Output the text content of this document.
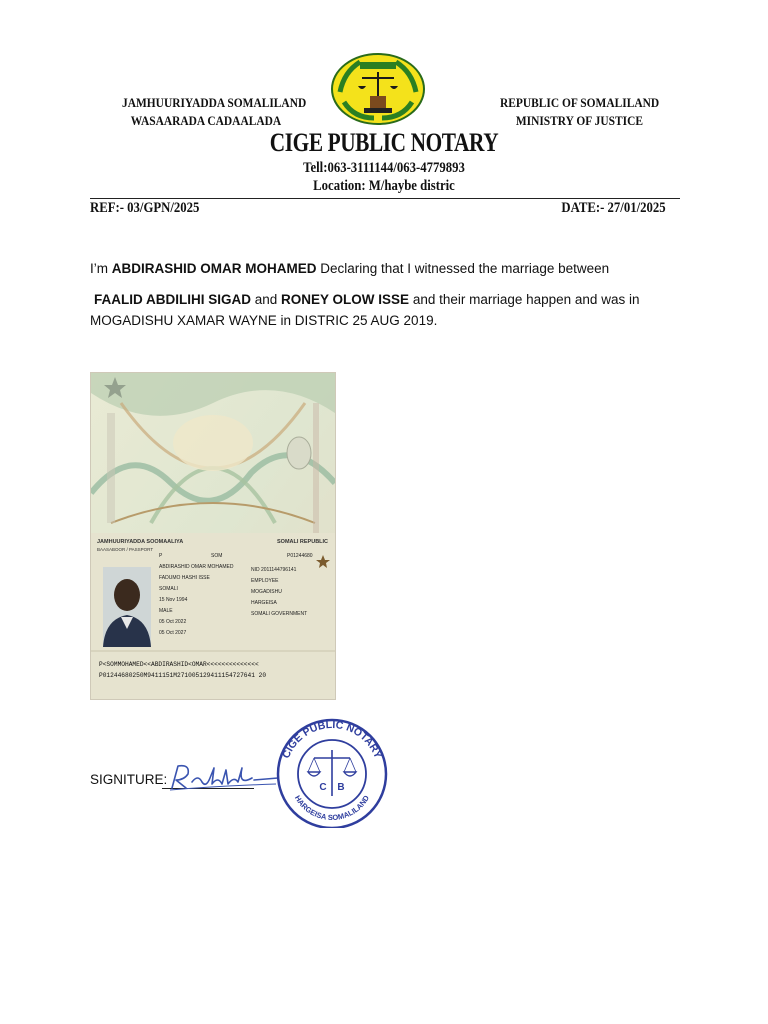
JAMHUURIYADDA SOMALILAND
WASAARADA CADAALADA
REPUBLIC OF SOMALILAND
MINISTRY OF JUSTICE
CIGE PUBLIC NOTARY
Tell:063-3111144/063-4779893
Location: M/haybe distric
REF:- 03/GPN/2025	DATE:- 27/01/2025
I’m ABDIRASHID OMAR MOHAMED Declaring that I witnessed the marriage between
FAALID ABDILIHI SIGAD and RONEY OLOW ISSE and their marriage happen and was in
MOGADISHU XAMAR WAYNE in DISTRIC 25 AUG 2019.
JAMHUURIYADDA SOOMAALIYA	SOMALI REPUBLIC
BAASABOOR / PASSPORT
P	SOM	P01244680
ABDIRASHID OMAR MOHAMED
FADUMO HASHI ISSE
SOMALI
15 Nov 1994
MALE
05 Oct 2022
05 Oct 2027
NID 2011144796141
EMPLOYEE
MOGADISHU
HARGEISA
SOMALI GOVERNMENT
P<SOMMOHAMED<<ABDIRASHID<OMAR<<<<<<<<<<<<<<
P01244680250M9411151M271005129411154727641 20
SIGNITURE:
CIGE PUBLIC NOTARY
HARGEISA SOMALILAND
C B
